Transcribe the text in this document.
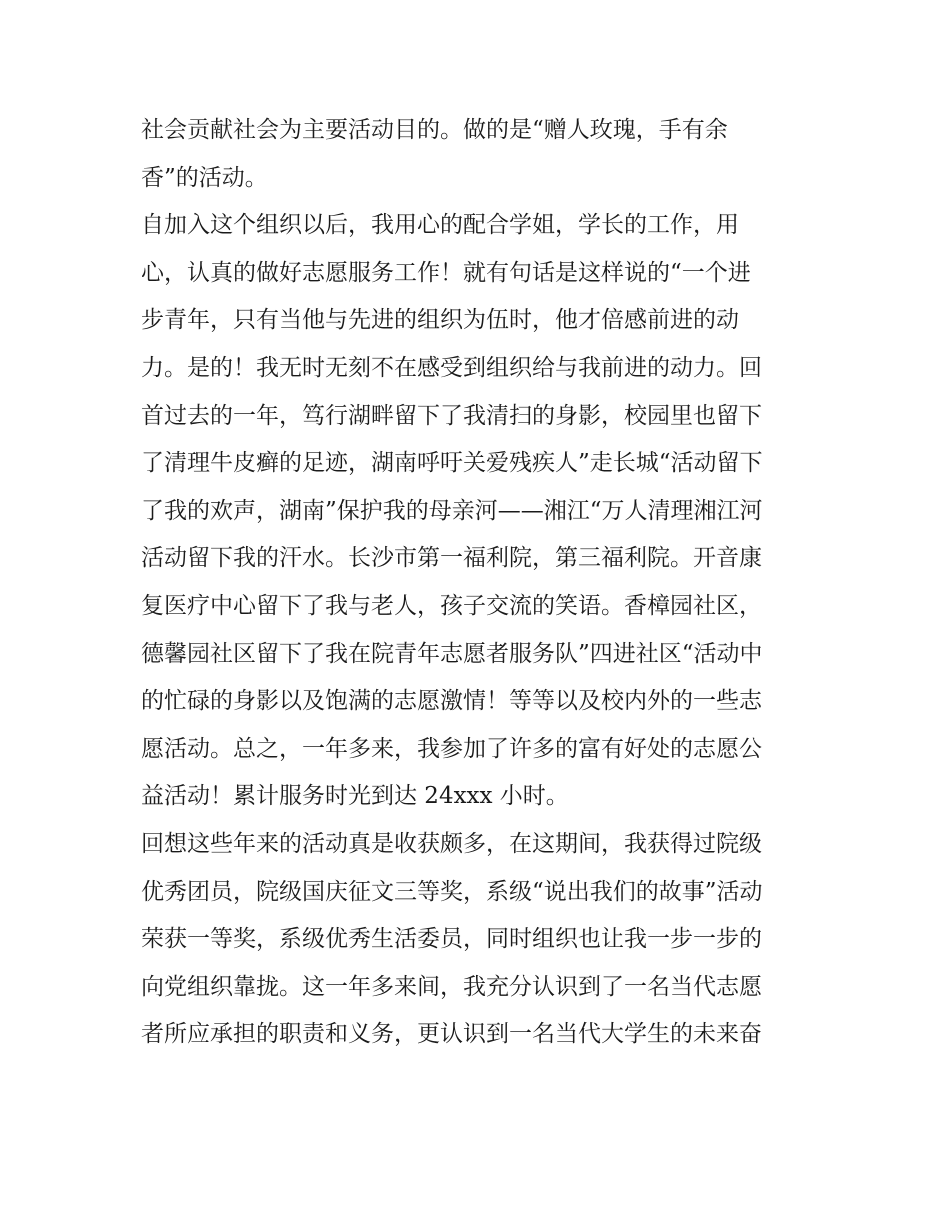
社会贡献社会为主要活动目的。做的是“赠人玫瑰，手有余
香”的活动。
自加入这个组织以后，我用心的配合学姐，学长的工作，用
心，认真的做好志愿服务工作！就有句话是这样说的“一个进
步青年，只有当他与先进的组织为伍时，他才倍感前进的动
力。是的！我无时无刻不在感受到组织给与我前进的动力。回
首过去的一年，笃行湖畔留下了我清扫的身影，校园里也留下
了清理牛皮癣的足迹，湖南呼吁关爱残疾人”走长城“活动留下
了我的欢声，湖南”保护我的母亲河——湘江“万人清理湘江河
活动留下我的汗水。长沙市第一福利院，第三福利院。开音康
复医疗中心留下了我与老人，孩子交流的笑语。香樟园社区，
德馨园社区留下了我在院青年志愿者服务队”四进社区“活动中
的忙碌的身影以及饱满的志愿激情！等等以及校内外的一些志
愿活动。总之，一年多来，我参加了许多的富有好处的志愿公
益活动！累计服务时光到达 24xxx 小时。
回想这些年来的活动真是收获颇多，在这期间，我获得过院级
优秀团员，院级国庆征文三等奖，系级“说出我们的故事”活动
荣获一等奖，系级优秀生活委员，同时组织也让我一步一步的
向党组织靠拢。这一年多来间，我充分认识到了一名当代志愿
者所应承担的职责和义务，更认识到一名当代大学生的未来奋
